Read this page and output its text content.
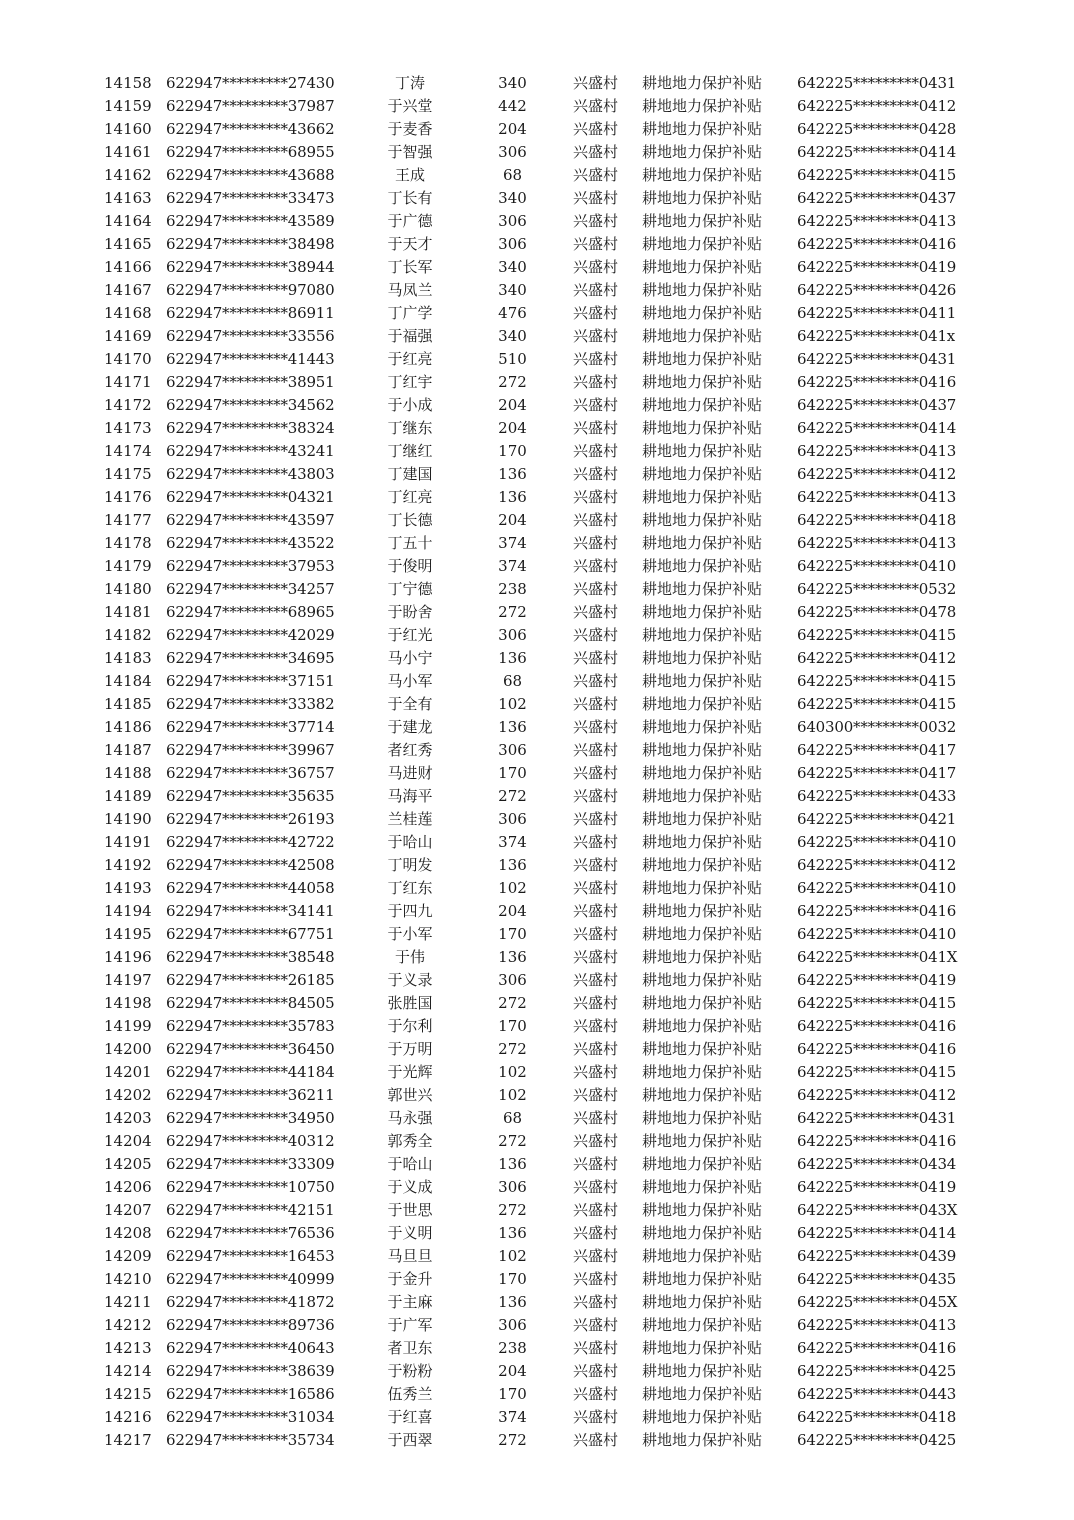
14158 622947*********27430	丁涛	340	兴盛村	耕地地力保护补贴	642225*********0431
14159 622947*********37987	于兴堂	442	兴盛村	耕地地力保护补贴	642225*********0412
14160 622947*********43662	于麦香	204	兴盛村	耕地地力保护补贴	642225*********0428
14161 622947*********68955	于智强	306	兴盛村	耕地地力保护补贴	642225*********0414
14162 622947*********43688	王成	68	兴盛村	耕地地力保护补贴	642225*********0415
14163 622947*********33473	丁长有	340	兴盛村	耕地地力保护补贴	642225*********0437
14164 622947*********43589	于广德	306	兴盛村	耕地地力保护补贴	642225*********0413
14165 622947*********38498	于天才	306	兴盛村	耕地地力保护补贴	642225*********0416
14166 622947*********38944	丁长军	340	兴盛村	耕地地力保护补贴	642225*********0419
14167 622947*********97080	马凤兰	340	兴盛村	耕地地力保护补贴	642225*********0426
14168 622947*********86911	丁广学	476	兴盛村	耕地地力保护补贴	642225*********0411
14169 622947*********33556	于福强	340	兴盛村	耕地地力保护补贴	642225*********041x
14170 622947*********41443	于红亮	510	兴盛村	耕地地力保护补贴	642225*********0431
14171 622947*********38951	丁红宇	272	兴盛村	耕地地力保护补贴	642225*********0416
14172 622947*********34562	于小成	204	兴盛村	耕地地力保护补贴	642225*********0437
14173 622947*********38324	丁继东	204	兴盛村	耕地地力保护补贴	642225*********0414
14174 622947*********43241	丁继红	170	兴盛村	耕地地力保护补贴	642225*********0413
14175 622947*********43803	丁建国	136	兴盛村	耕地地力保护补贴	642225*********0412
14176 622947*********04321	丁红亮	136	兴盛村	耕地地力保护补贴	642225*********0413
14177 622947*********43597	丁长德	204	兴盛村	耕地地力保护补贴	642225*********0418
14178 622947*********43522	丁五十	374	兴盛村	耕地地力保护补贴	642225*********0413
14179 622947*********37953	于俊明	374	兴盛村	耕地地力保护补贴	642225*********0410
14180 622947*********34257	丁宁德	238	兴盛村	耕地地力保护补贴	642225*********0532
14181 622947*********68965	于盼舍	272	兴盛村	耕地地力保护补贴	642225*********0478
14182 622947*********42029	于红光	306	兴盛村	耕地地力保护补贴	642225*********0415
14183 622947*********34695	马小宁	136	兴盛村	耕地地力保护补贴	642225*********0412
14184 622947*********37151	马小军	68	兴盛村	耕地地力保护补贴	642225*********0415
14185 622947*********33382	于全有	102	兴盛村	耕地地力保护补贴	642225*********0415
14186 622947*********37714	于建龙	136	兴盛村	耕地地力保护补贴	640300*********0032
14187 622947*********39967	者红秀	306	兴盛村	耕地地力保护补贴	642225*********0417
14188 622947*********36757	马进财	170	兴盛村	耕地地力保护补贴	642225*********0417
14189 622947*********35635	马海平	272	兴盛村	耕地地力保护补贴	642225*********0433
14190 622947*********26193	兰桂莲	306	兴盛村	耕地地力保护补贴	642225*********0421
14191 622947*********42722	于哈山	374	兴盛村	耕地地力保护补贴	642225*********0410
14192 622947*********42508	丁明发	136	兴盛村	耕地地力保护补贴	642225*********0412
14193 622947*********44058	丁红东	102	兴盛村	耕地地力保护补贴	642225*********0410
14194 622947*********34141	于四九	204	兴盛村	耕地地力保护补贴	642225*********0416
14195 622947*********67751	于小军	170	兴盛村	耕地地力保护补贴	642225*********0410
14196 622947*********38548	于伟	136	兴盛村	耕地地力保护补贴	642225*********041X
14197 622947*********26185	于义录	306	兴盛村	耕地地力保护补贴	642225*********0419
14198 622947*********84505	张胜国	272	兴盛村	耕地地力保护补贴	642225*********0415
14199 622947*********35783	于尔利	170	兴盛村	耕地地力保护补贴	642225*********0416
14200 622947*********36450	于万明	272	兴盛村	耕地地力保护补贴	642225*********0416
14201 622947*********44184	于光辉	102	兴盛村	耕地地力保护补贴	642225*********0415
14202 622947*********36211	郭世兴	102	兴盛村	耕地地力保护补贴	642225*********0412
14203 622947*********34950	马永强	68	兴盛村	耕地地力保护补贴	642225*********0431
14204 622947*********40312	郭秀全	272	兴盛村	耕地地力保护补贴	642225*********0416
14205 622947*********33309	于哈山	136	兴盛村	耕地地力保护补贴	642225*********0434
14206 622947*********10750	于义成	306	兴盛村	耕地地力保护补贴	642225*********0419
14207 622947*********42151	于世思	272	兴盛村	耕地地力保护补贴	642225*********043X
14208 622947*********76536	于义明	136	兴盛村	耕地地力保护补贴	642225*********0414
14209 622947*********16453	马旦旦	102	兴盛村	耕地地力保护补贴	642225*********0439
14210 622947*********40999	于金升	170	兴盛村	耕地地力保护补贴	642225*********0435
14211 622947*********41872	于主麻	136	兴盛村	耕地地力保护补贴	642225*********045X
14212 622947*********89736	于广军	306	兴盛村	耕地地力保护补贴	642225*********0413
14213 622947*********40643	者卫东	238	兴盛村	耕地地力保护补贴	642225*********0416
14214 622947*********38639	于粉粉	204	兴盛村	耕地地力保护补贴	642225*********0425
14215 622947*********16586	伍秀兰	170	兴盛村	耕地地力保护补贴	642225*********0443
14216 622947*********31034	于红喜	374	兴盛村	耕地地力保护补贴	642225*********0418
14217 622947*********35734	于西翠	272	兴盛村	耕地地力保护补贴	642225*********0425
